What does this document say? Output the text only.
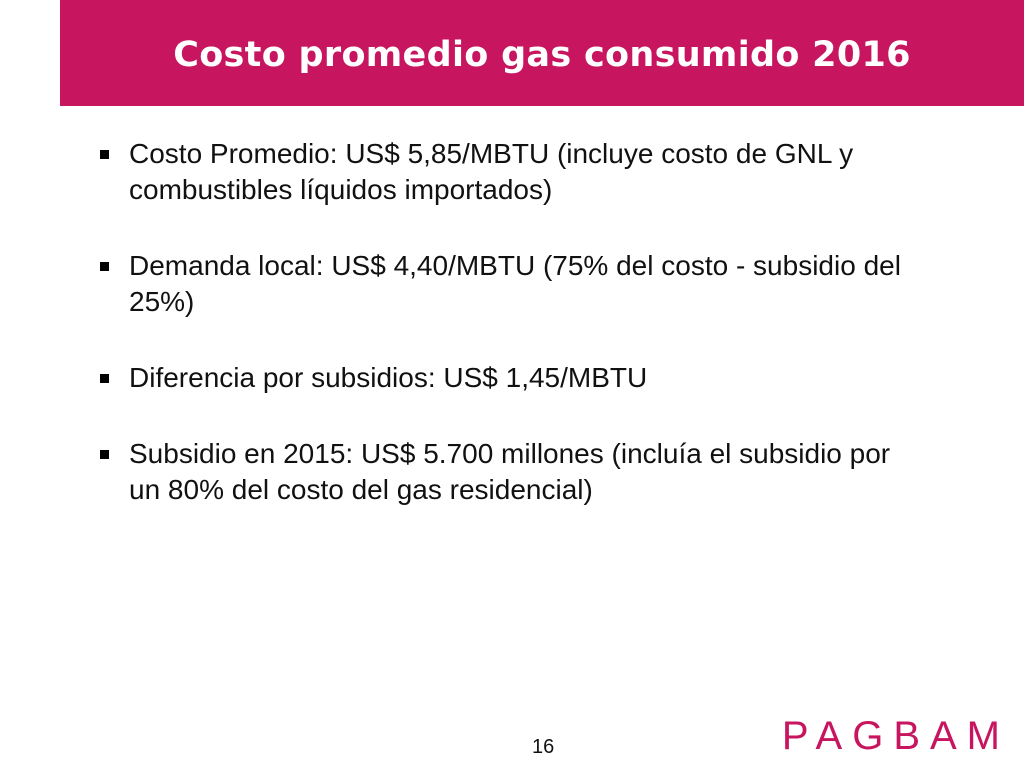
Costo promedio gas consumido 2016
Costo Promedio: US$ 5,85/MBTU (incluye costo de GNL y combustibles líquidos importados)
Demanda local: US$ 4,40/MBTU (75% del costo - subsidio del 25%)
Diferencia por subsidios: US$ 1,45/MBTU
Subsidio en 2015: US$ 5.700 millones (incluía el subsidio por un 80% del costo del gas residencial)
16	PAGBAM
